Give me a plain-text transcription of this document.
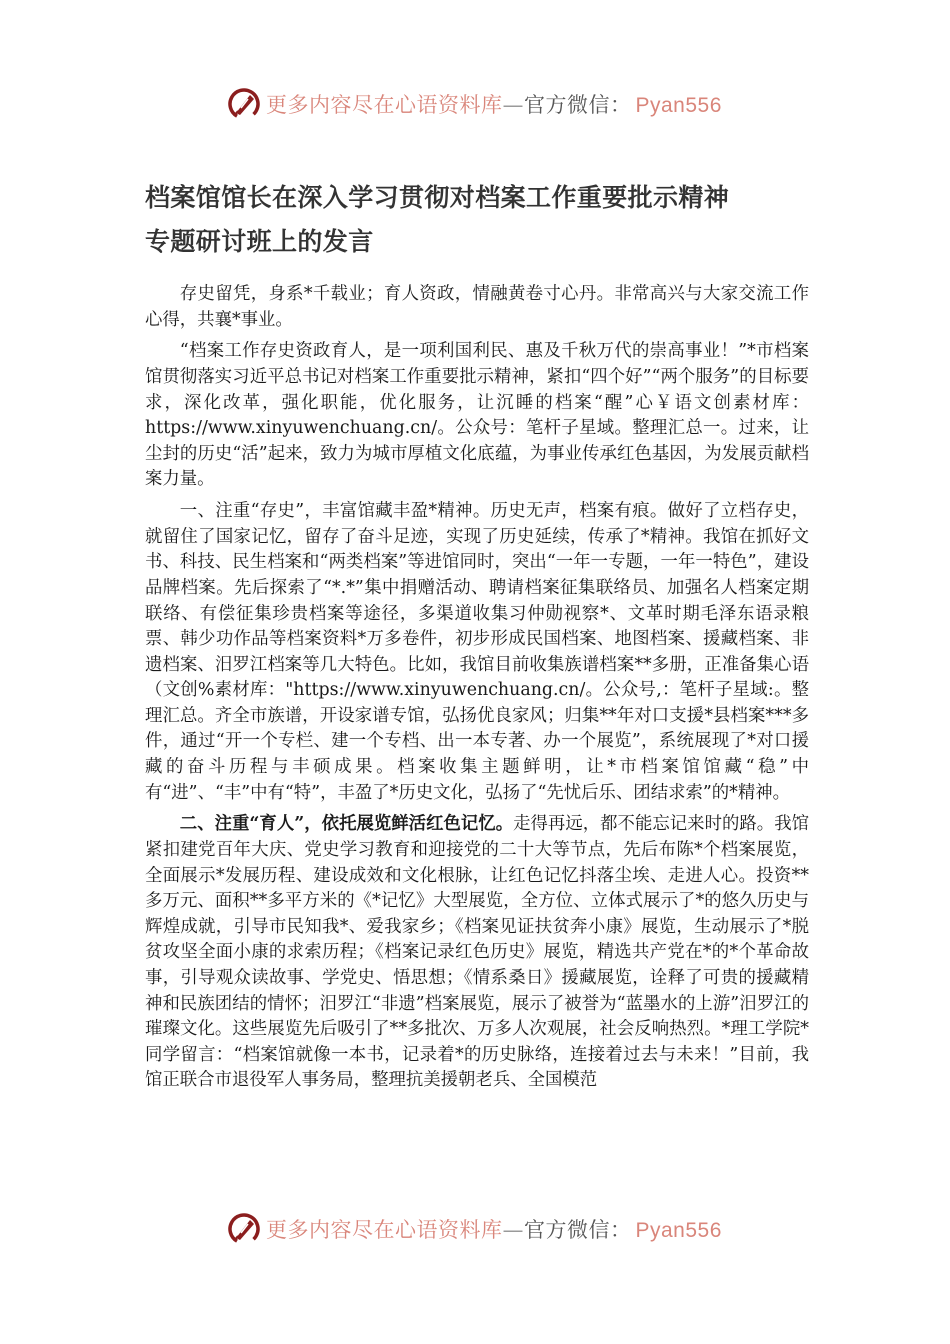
更多内容尽在心语资料库—官方微信： Pyan556
档案馆馆长在深入学习贯彻对档案工作重要批示精神
专题研讨班上的发言

存史留凭，身系*千载业；育人资政，情融黄卷寸心丹。非常高兴与大家交流工作心得，共襄*事业。

“档案工作存史资政育人，是一项利国利民、惠及千秋万代的崇高事业！”*市档案馆贯彻落实习近平总书记对档案工作重要批示精神，紧扣“四个好”“两个服务”的目标要求，深化改革，强化职能，优化服务，让沉睡的档案“醒”心￥语文创素材库：https://www.xinyuwenchuang.cn/。公众号：笔杆子星域。整理汇总一。过来，让尘封的历史“活”起来，致力为城市厚植文化底蕴，为事业传承红色基因，为发展贡献档案力量。

一、注重“存史”，丰富馆藏丰盈*精神。历史无声，档案有痕。做好了立档存史，就留住了国家记忆，留存了奋斗足迹，实现了历史延续，传承了*精神。我馆在抓好文书、科技、民生档案和“两类档案”等进馆同时，突出“一年一专题，一年一特色”，建设品牌档案。先后探索了“*.*”集中捐赠活动、聘请档案征集联络员、加强名人档案定期联络、有偿征集珍贵档案等途径，多渠道收集习仲勋视察*、文革时期毛泽东语录粮票、韩少功作品等档案资料*万多卷件，初步形成民国档案、地图档案、援藏档案、非遗档案、汨罗江档案等几大特色。比如，我馆目前收集族谱档案**多册，正准备集心语（文创%素材库："https://www.xinyuwenchuang.cn/。公众号,：笔杆子星域:。整理汇总。齐全市族谱，开设家谱专馆，弘扬优良家风；归集**年对口支援*县档案***多件，通过“开一个专栏、建一个专档、出一本专著、办一个展览”，系统展现了*对口援藏的奋斗历程与丰硕成果。档案收集主题鲜明，让*市档案馆馆藏“稳”中有“进”、“丰”中有“特”，丰盈了*历史文化，弘扬了“先忧后乐、团结求索”的*精神。

二、注重“育人”，依托展览鲜活红色记忆。走得再远，都不能忘记来时的路。我馆紧扣建党百年大庆、党史学习教育和迎接党的二十大等节点，先后布陈*个档案展览，全面展示*发展历程、建设成效和文化根脉，让红色记忆抖落尘埃、走进人心。投资**多万元、面积**多平方米的《*记忆》大型展览，全方位、立体式展示了*的悠久历史与辉煌成就，引导市民知我*、爱我家乡；《档案见证扶贫奔小康》展览，生动展示了*脱贫攻坚全面小康的求索历程；《档案记录红色历史》展览，精选共产党在*的*个革命故事，引导观众读故事、学党史、悟思想；《情系桑日》援藏展览，诠释了可贵的援藏精神和民族团结的情怀；汨罗江“非遗”档案展览，展示了被誉为“蓝墨水的上游”汨罗江的璀璨文化。这些展览先后吸引了**多批次、万多人次观展，社会反响热烈。*理工学院*同学留言：“档案馆就像一本书，记录着*的历史脉络，连接着过去与未来！”目前，我馆正联合市退役军人事务局，整理抗美援朝老兵、全国模范

更多内容尽在心语资料库—官方微信： Pyan556
